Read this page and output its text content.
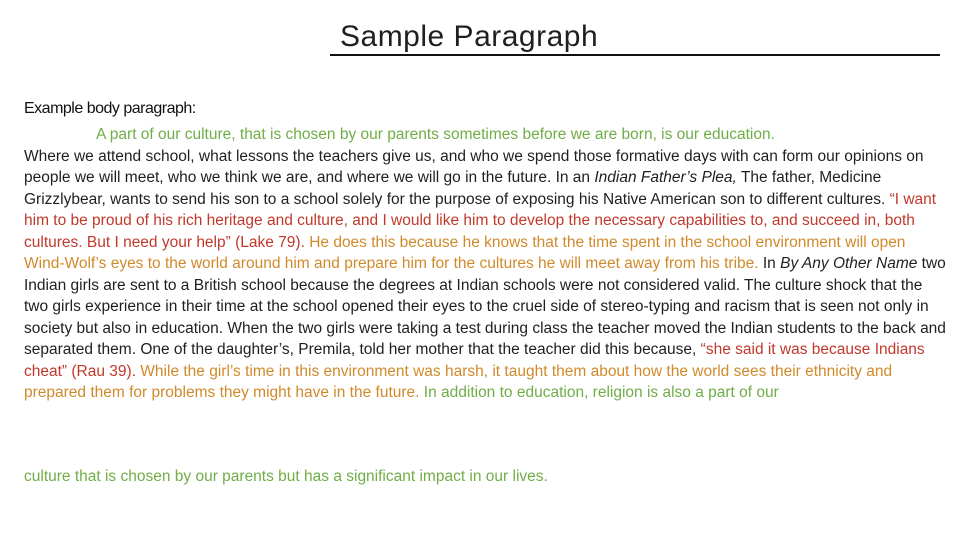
Sample Paragraph
Example body paragraph:

A part of our culture, that is chosen by our parents sometimes before we are born, is our education.
Where we attend school, what lessons the teachers give us, and who we spend those formative days with can form our opinions on people we will meet, who we think we are, and where we will go in the future. In an Indian Father’s Plea, The father, Medicine Grizzlybear, wants to send his son to a school solely for the purpose of exposing his Native American son to different cultures. “I want him to be proud of his rich heritage and culture, and I would like him to develop the necessary capabilities to, and succeed in, both cultures. But I need your help” (Lake 79). He does this because he knows that the time spent in the school environment will open Wind-Wolf’s eyes to the world around him and prepare him for the cultures he will meet away from his tribe. In By Any Other Name two Indian girls are sent to a British school because the degrees at Indian schools were not considered valid. The culture shock that the two girls experience in their time at the school opened their eyes to the cruel side of stereo-typing and racism that is seen not only in society but also in education. When the two girls were taking a test during class the teacher moved the Indian students to the back and separated them. One of the daughter’s, Premila, told her mother that the teacher did this because, “she said it was because Indians cheat” (Rau 39). While the girl’s time in this environment was harsh, it taught them about how the world sees their ethnicity and prepared them for problems they might have in the future. In addition to education, religion is also a part of our

culture that is chosen by our parents but has a significant impact in our lives.
